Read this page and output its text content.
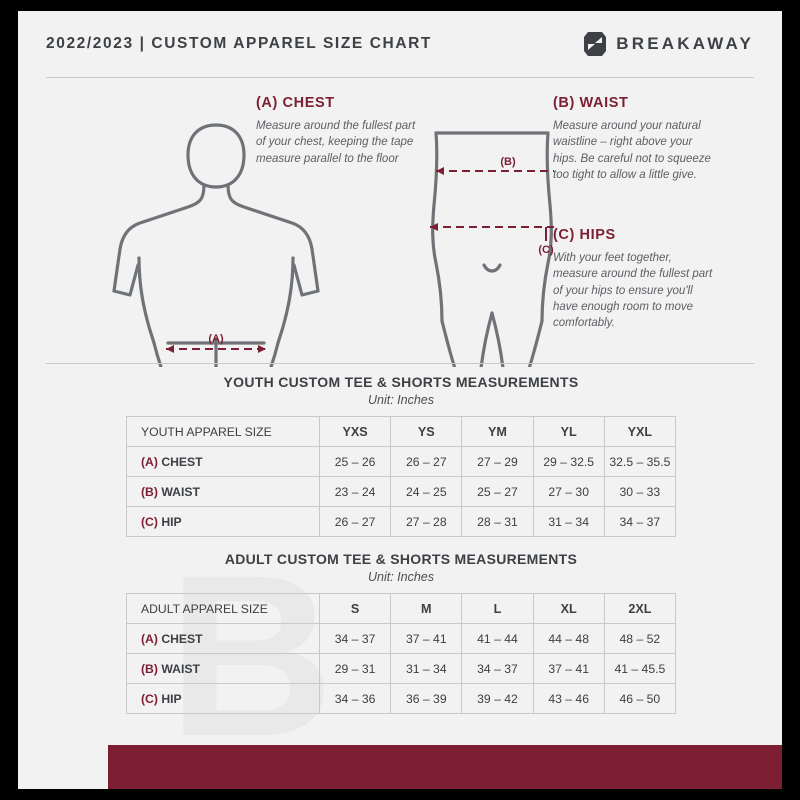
2022/2023 | CUSTOM APPAREL SIZE CHART	BREAKAWAY
(A)
(B)
(C)
(A) CHEST
Measure around the fullest part of your chest, keeping the tape measure parallel to the floor
(B) WAIST
Measure around your natural waistline – right above your hips. Be careful not to squeeze too tight to allow a little give.
(C) HIPS
With your feet together, measure around the fullest part of your hips to ensure you'll have enough room to move comfortably.
YOUTH CUSTOM TEE & SHORTS MEASUREMENTS
Unit: Inches
YOUTH APPAREL SIZE	YXS	YS	YM	YL	YXL
(A) CHEST	25 – 26	26 – 27	27 – 29	29 – 32.5	32.5 – 35.5
(B) WAIST	23 – 24	24 – 25	25 – 27	27 – 30	30 – 33
(C) HIP	26 – 27	27 – 28	28 – 31	31 – 34	34 – 37
ADULT CUSTOM TEE & SHORTS MEASUREMENTS
Unit: Inches
ADULT APPAREL SIZE	S	M	L	XL	2XL
(A) CHEST	34 – 37	37 – 41	41 – 44	44 – 48	48 – 52
(B) WAIST	29 – 31	31 – 34	34 – 37	37 – 41	41 – 45.5
(C) HIP	34 – 36	36 – 39	39 – 42	43 – 46	46 – 50
